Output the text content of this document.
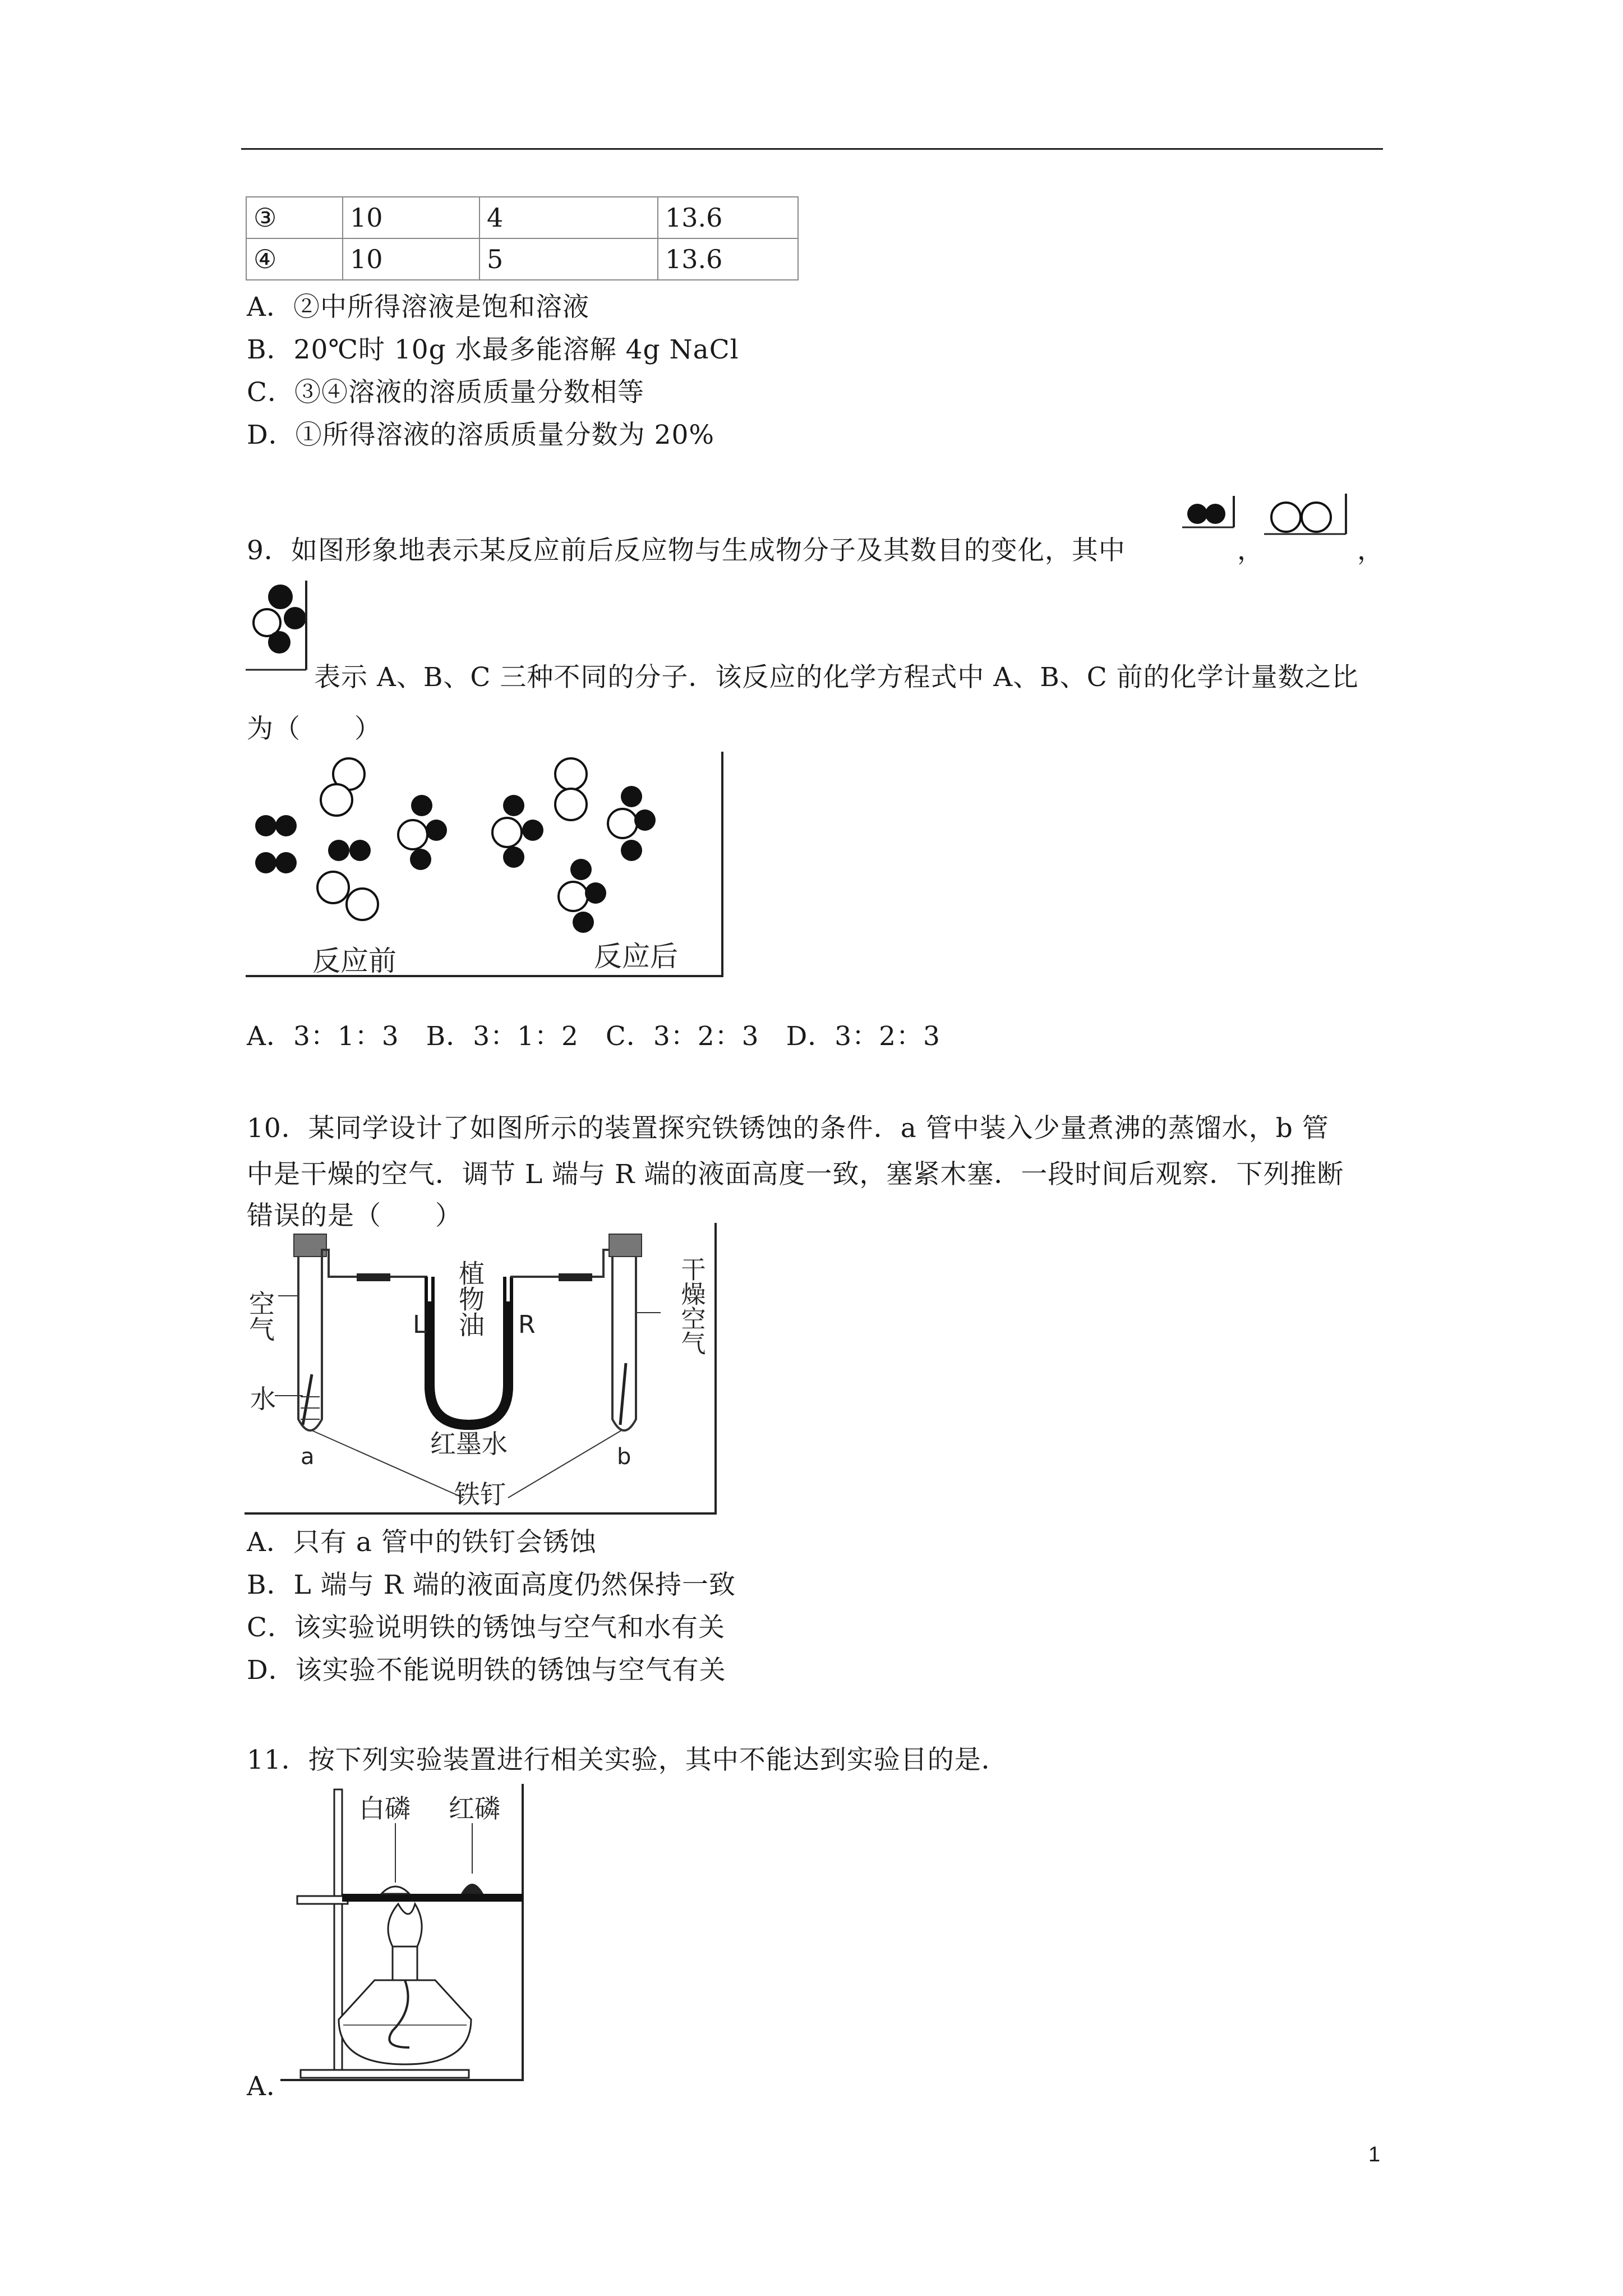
③	10	4	13.6
④	10	5	13.6
A．②中所得溶液是饱和溶液
B．20℃时 10g 水最多能溶解 4g NaCl
C．③④溶液的溶质质量分数相等
D．①所得溶液的溶质质量分数为 20%
9．如图形象地表示某反应前后反应物与生成物分子及其数目的变化，其中	，	，
表示 A、B、C 三种不同的分子．该反应的化学方程式中 A、B、C 前的化学计量数之比
为（　　）
反应前	反应后
A．3：1：3　B．3：1：2　C．3：2：3　D．3：2：3
10．某同学设计了如图所示的装置探究铁锈蚀的条件．a 管中装入少量煮沸的蒸馏水，b 管
中是干燥的空气．调节 L 端与 R 端的液面高度一致，塞紧木塞．一段时间后观察．下列推断
错误的是（　　）
空气
水
a	b
植物油
L	R
红墨水
铁钉
干燥空气
A．只有 a 管中的铁钉会锈蚀
B．L 端与 R 端的液面高度仍然保持一致
C．该实验说明铁的锈蚀与空气和水有关
D．该实验不能说明铁的锈蚀与空气有关
11．按下列实验装置进行相关实验，其中不能达到实验目的是．
白磷 红磷
A．
1
